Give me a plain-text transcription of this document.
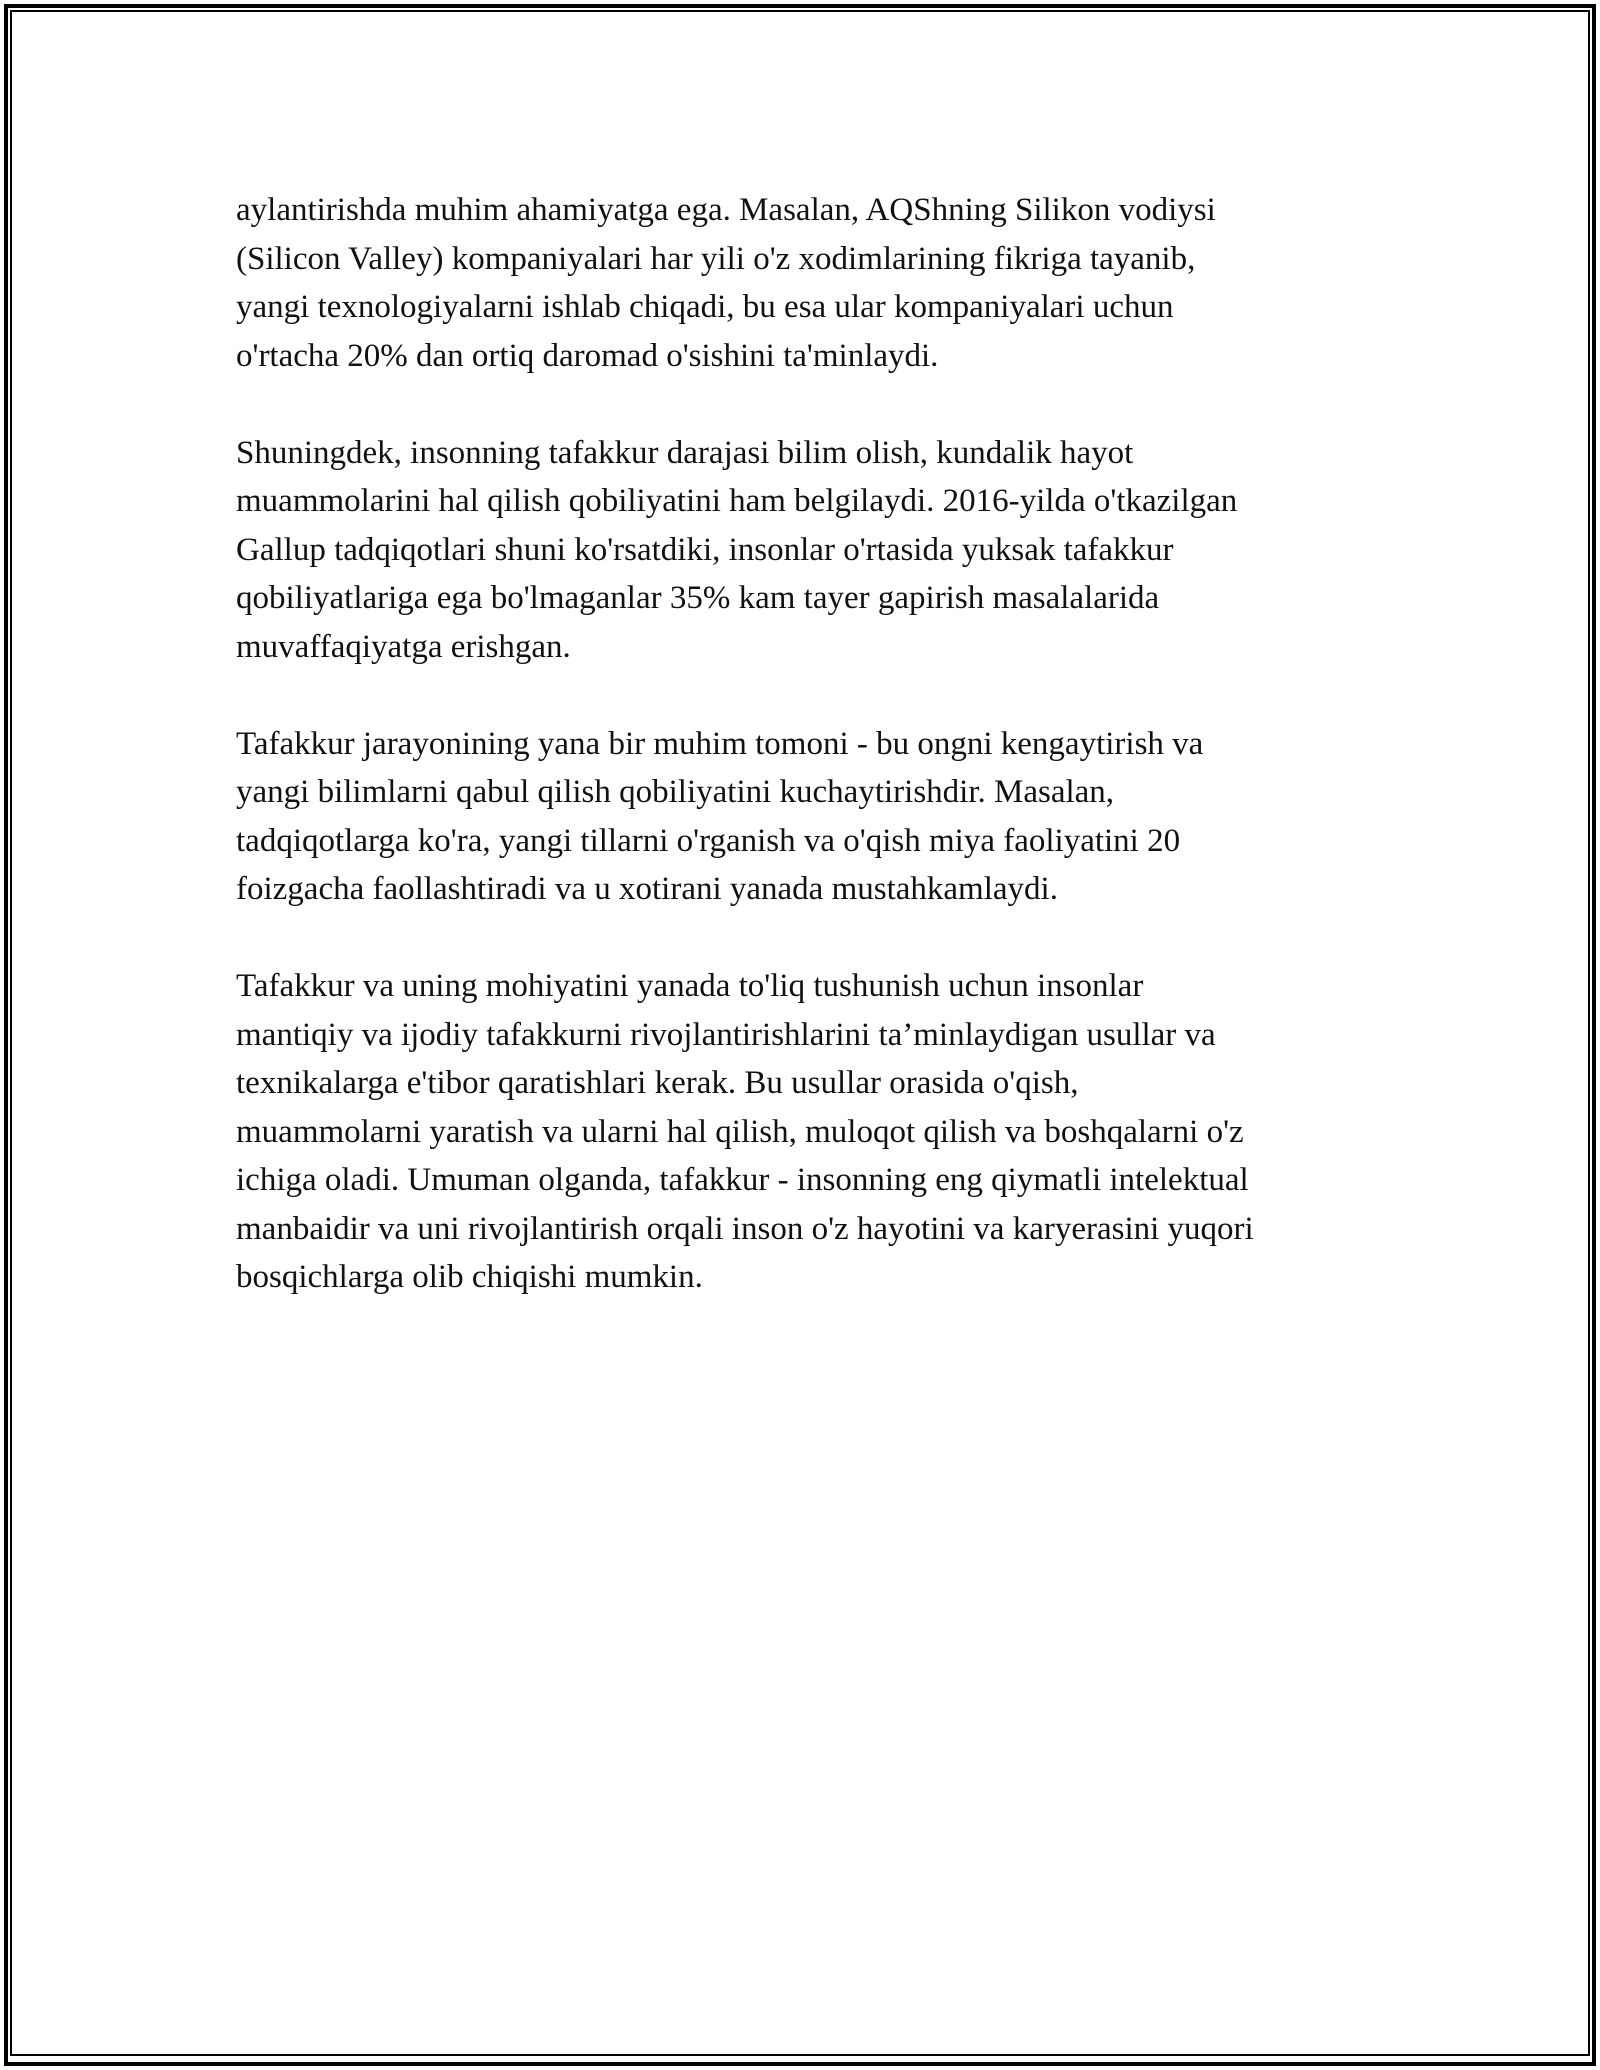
aylantirishda muhim ahamiyatga ega. Masalan, AQShning Silikon vodiysi
(Silicon Valley) kompaniyalari har yili o'z xodimlarining fikriga tayanib,
yangi texnologiyalarni ishlab chiqadi, bu esa ular kompaniyalari uchun
o'rtacha 20% dan ortiq daromad o'sishini ta'minlaydi.

Shuningdek, insonning tafakkur darajasi bilim olish, kundalik hayot
muammolarini hal qilish qobiliyatini ham belgilaydi. 2016-yilda o'tkazilgan
Gallup tadqiqotlari shuni ko'rsatdiki, insonlar o'rtasida yuksak tafakkur
qobiliyatlariga ega bo'lmaganlar 35% kam tayer gapirish masalalarida
muvaffaqiyatga erishgan.

Tafakkur jarayonining yana bir muhim tomoni - bu ongni kengaytirish va
yangi bilimlarni qabul qilish qobiliyatini kuchaytirishdir. Masalan,
tadqiqotlarga ko'ra, yangi tillarni o'rganish va o'qish miya faoliyatini 20
foizgacha faollashtiradi va u xotirani yanada mustahkamlaydi.

Tafakkur va uning mohiyatini yanada to'liq tushunish uchun insonlar
mantiqiy va ijodiy tafakkurni rivojlantirishlarini ta’minlaydigan usullar va
texnikalarga e'tibor qaratishlari kerak. Bu usullar orasida o'qish,
muammolarni yaratish va ularni hal qilish, muloqot qilish va boshqalarni o'z
ichiga oladi. Umuman olganda, tafakkur - insonning eng qiymatli intelektual
manbaidir va uni rivojlantirish orqali inson o'z hayotini va karyerasini yuqori
bosqichlarga olib chiqishi mumkin.
